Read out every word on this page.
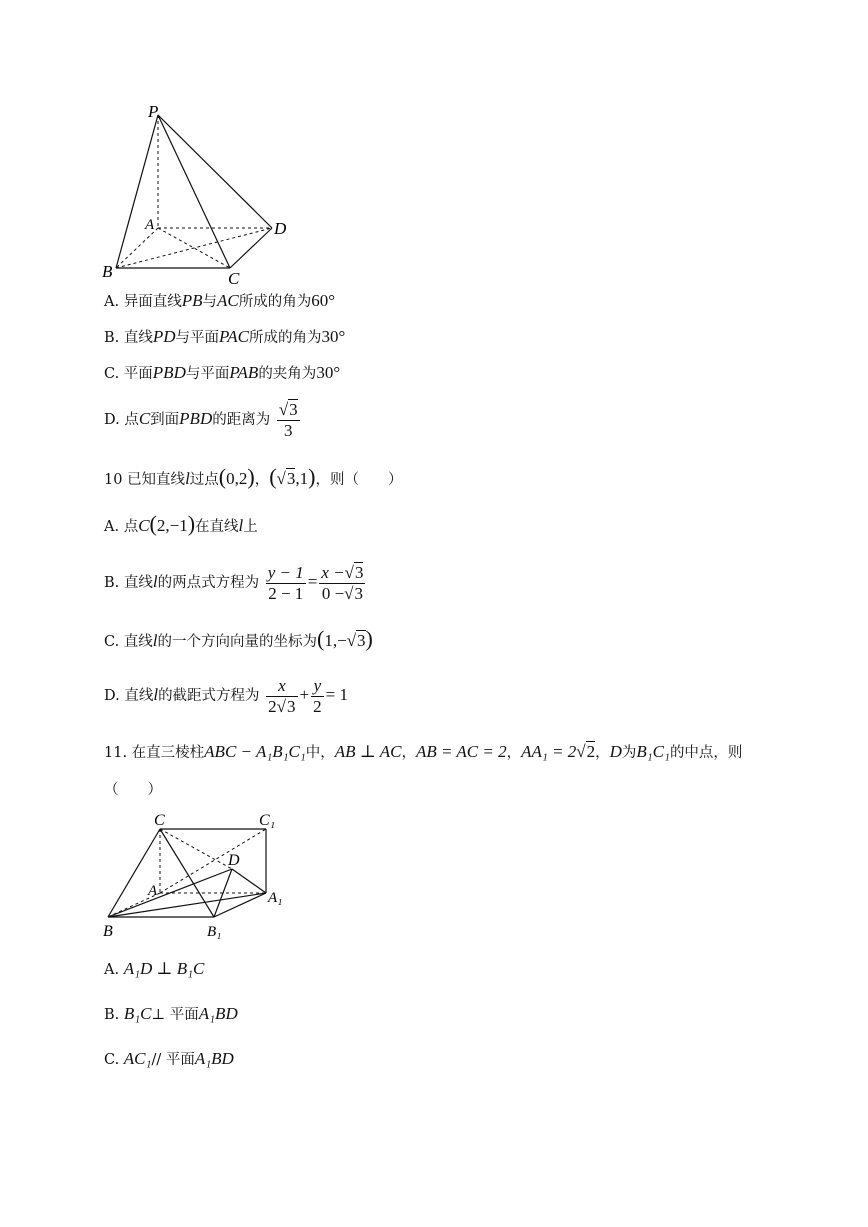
P
A	D
B	C
A. 异面直线PB与AC所成的角为60°
B. 直线PD与平面PAC所成的角为30°
C. 平面PBD与平面PAB的夹角为30°
D. 点C到面PBD的距离为 $\frac{√3}{3}$
10 已知直线l过点(0,2)，(√3,1)，则（　　）
A. 点C(2,−1)在直线l上
B. 直线l的两点式方程为 $\frac{y - 1}{2 - 1} = \frac{x -√3}{0 -√3}$
C. 直线l的一个方向向量的坐标为(1,−√3)
D. 直线l的截距式方程为 $\frac{x}{2√3} + \frac{y}{2} = 1$
11. 在直三棱柱ABC − A₁B₁C₁中，AB ⊥ AC，AB = AC = 2，AA₁ = 2√2，D为B₁C₁的中点，则
（　　）
C	C₁
D
A	A₁
B	B₁
A. A₁D ⊥ B₁C
B. B₁C⊥ 平面A₁BD
C. AC₁// 平面A₁BD
